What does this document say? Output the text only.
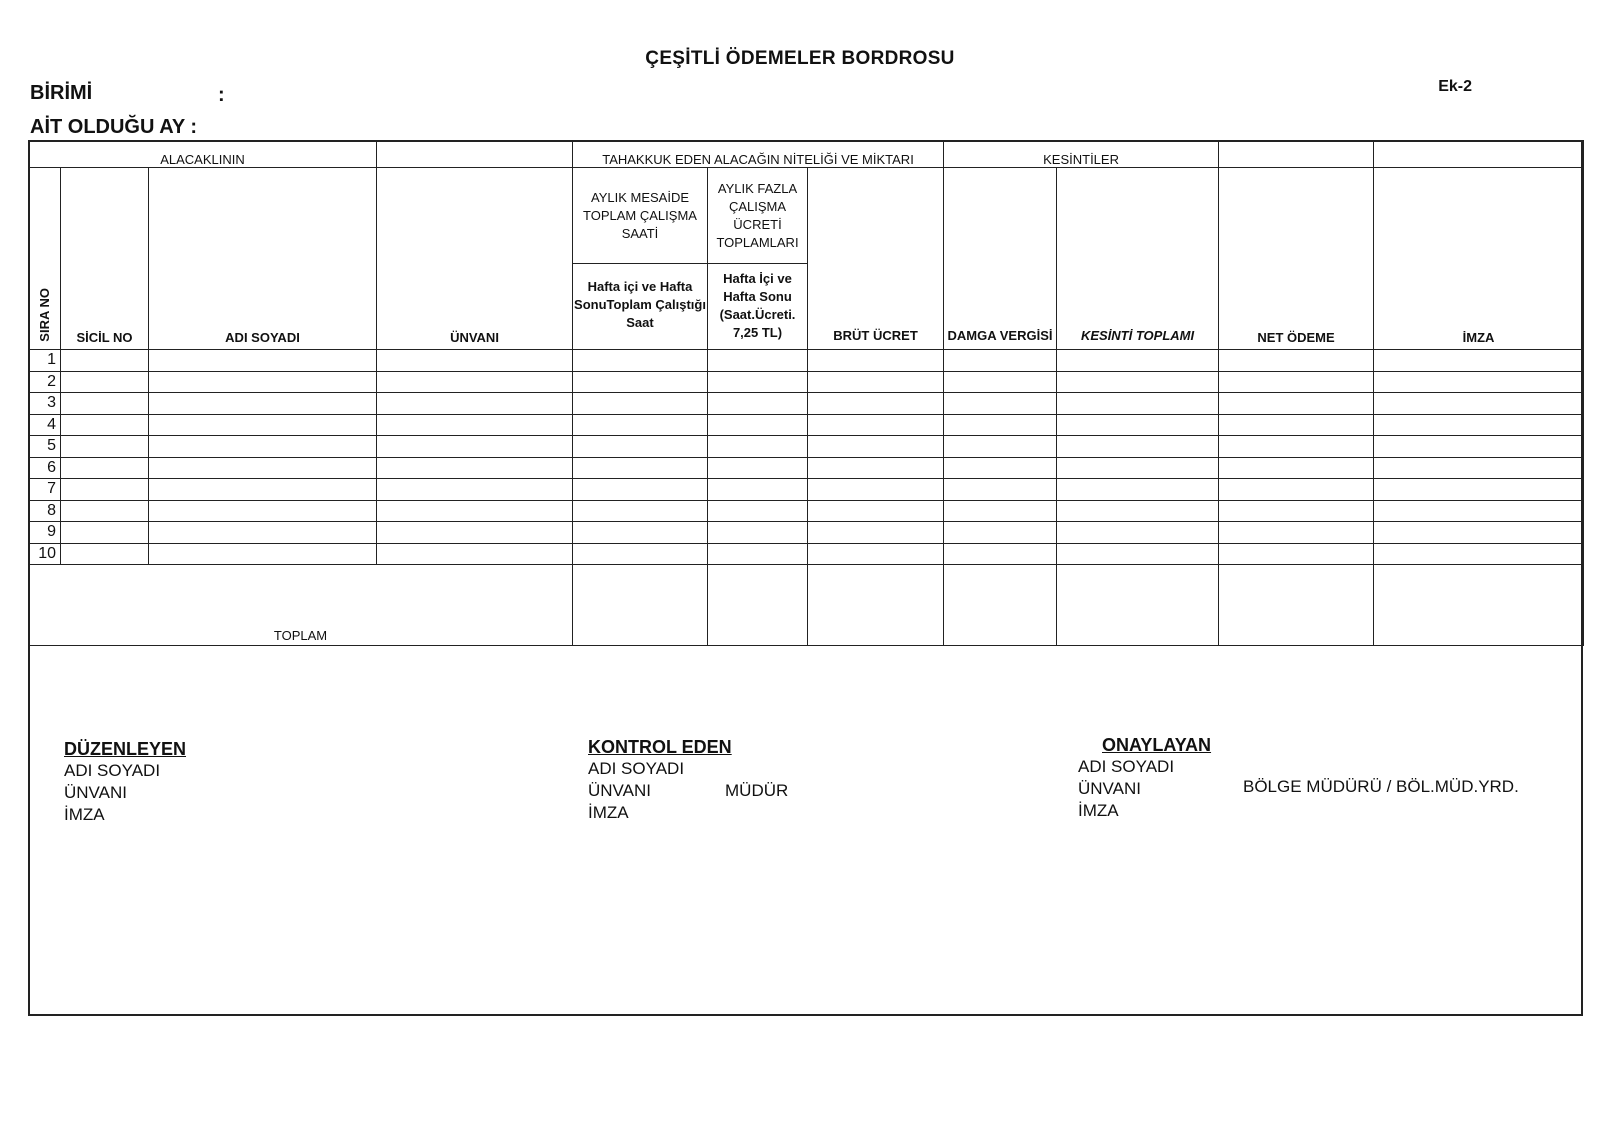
ÇEŞİTLİ ÖDEMELER BORDROSU
BİRİMİ	:	Ek-2
AİT OLDUĞU AY :
ALACAKLININ				TAHAKKUK EDEN ALACAĞIN NİTELİĞİ VE MİKTARI			KESİNTİLER			
SIRA NO	SİCİL NO	ADI SOYADI	ÜNVANI	AYLIK MESAİDE TOPLAM ÇALIŞMA SAATİ	AYLIK FAZLA ÇALIŞMA ÜCRETİ TOPLAMLARI	BRÜT ÜCRET	DAMGA VERGİSİ	KESİNTİ TOPLAMI	NET ÖDEME	İMZA
				Hafta içi ve Hafta SonuToplam Çalıştığı Saat	Hafta İçi ve Hafta Sonu (Saat.Ücreti. 7,25 TL)					
1										
2										
3										
4										
5										
6										
7										
8										
9										
10										
TOPLAM										
DÜZENLEYEN
ADI SOYADI
ÜNVANI
İMZA
KONTROL EDEN
ADI SOYADI
ÜNVANI
İMZA
MÜDÜR
ONAYLAYAN
ADI SOYADI
ÜNVANI
İMZA
BÖLGE MÜDÜRÜ / BÖL.MÜD.YRD.
